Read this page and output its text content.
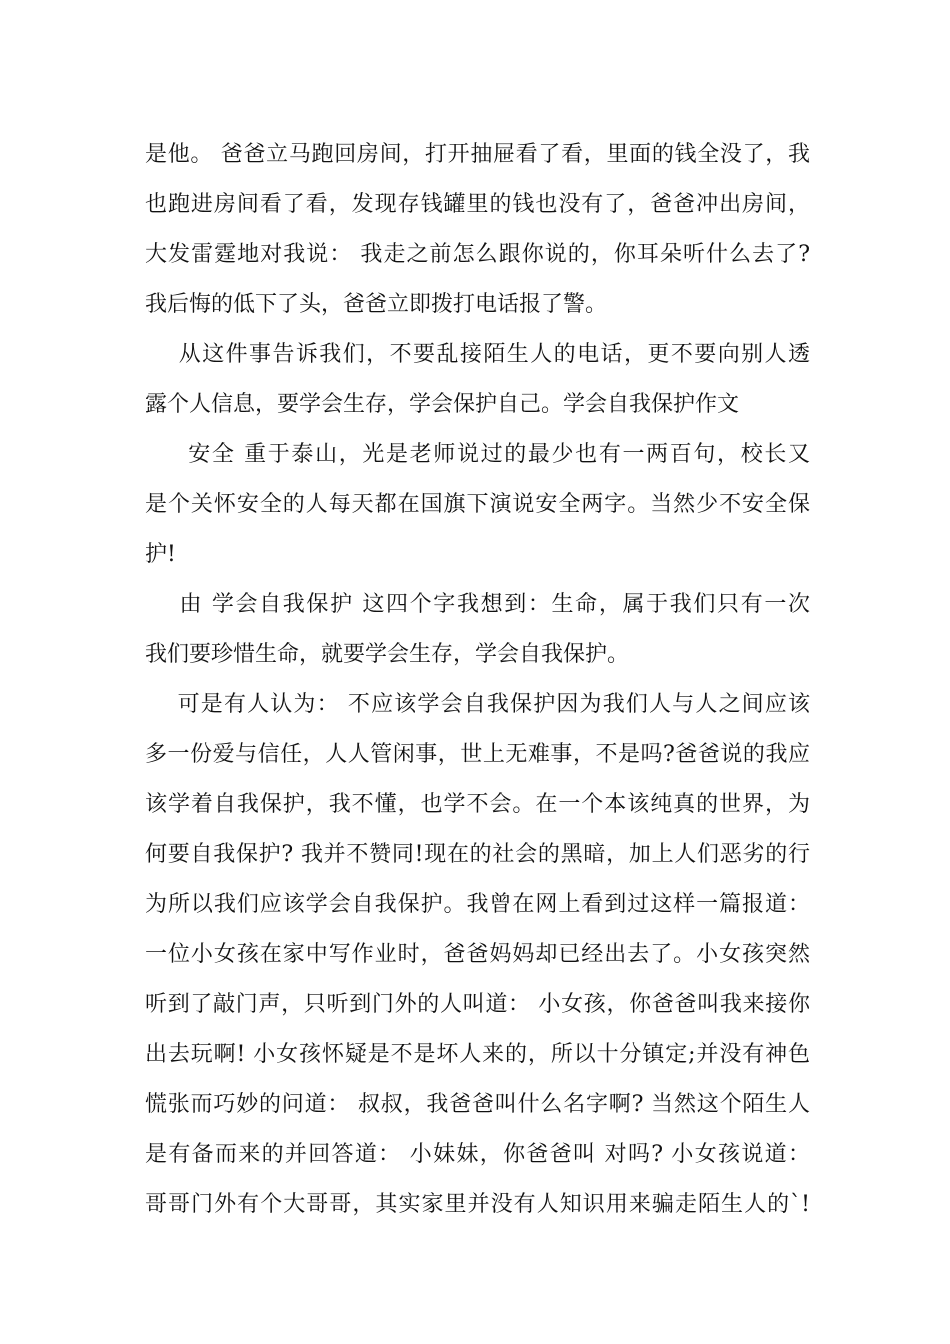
是他。 爸爸立马跑回房间，打开抽屉看了看，里面的钱全没了，我
也跑进房间看了看，发现存钱罐里的钱也没有了，爸爸冲出房间，
大发雷霆地对我说： 我走之前怎么跟你说的，你耳朵听什么去了?
我后悔的低下了头，爸爸立即拨打电话报了警。
从这件事告诉我们，不要乱接陌生人的电话，更不要向别人透
露个人信息，要学会生存，学会保护自己。学会自我保护作文
安全 重于泰山，光是老师说过的最少也有一两百句，校长又
是个关怀安全的人每天都在国旗下演说安全两字。当然少不安全保
护!
由 学会自我保护 这四个字我想到：生命，属于我们只有一次
我们要珍惜生命，就要学会生存，学会自我保护。
可是有人认为： 不应该学会自我保护因为我们人与人之间应该
多一份爱与信任，人人管闲事，世上无难事，不是吗?爸爸说的我应
该学着自我保护，我不懂，也学不会。在一个本该纯真的世界，为
何要自我保护? 我并不赞同!现在的社会的黑暗，加上人们恶劣的行
为所以我们应该学会自我保护。我曾在网上看到过这样一篇报道：
一位小女孩在家中写作业时，爸爸妈妈却已经出去了。小女孩突然
听到了敲门声，只听到门外的人叫道： 小女孩，你爸爸叫我来接你
出去玩啊! 小女孩怀疑是不是坏人来的，所以十分镇定;并没有神色
慌张而巧妙的问道： 叔叔，我爸爸叫什么名字啊? 当然这个陌生人
是有备而来的并回答道： 小妹妹，你爸爸叫 对吗? 小女孩说道：
哥哥门外有个大哥哥，其实家里并没有人知识用来骗走陌生人的`!
